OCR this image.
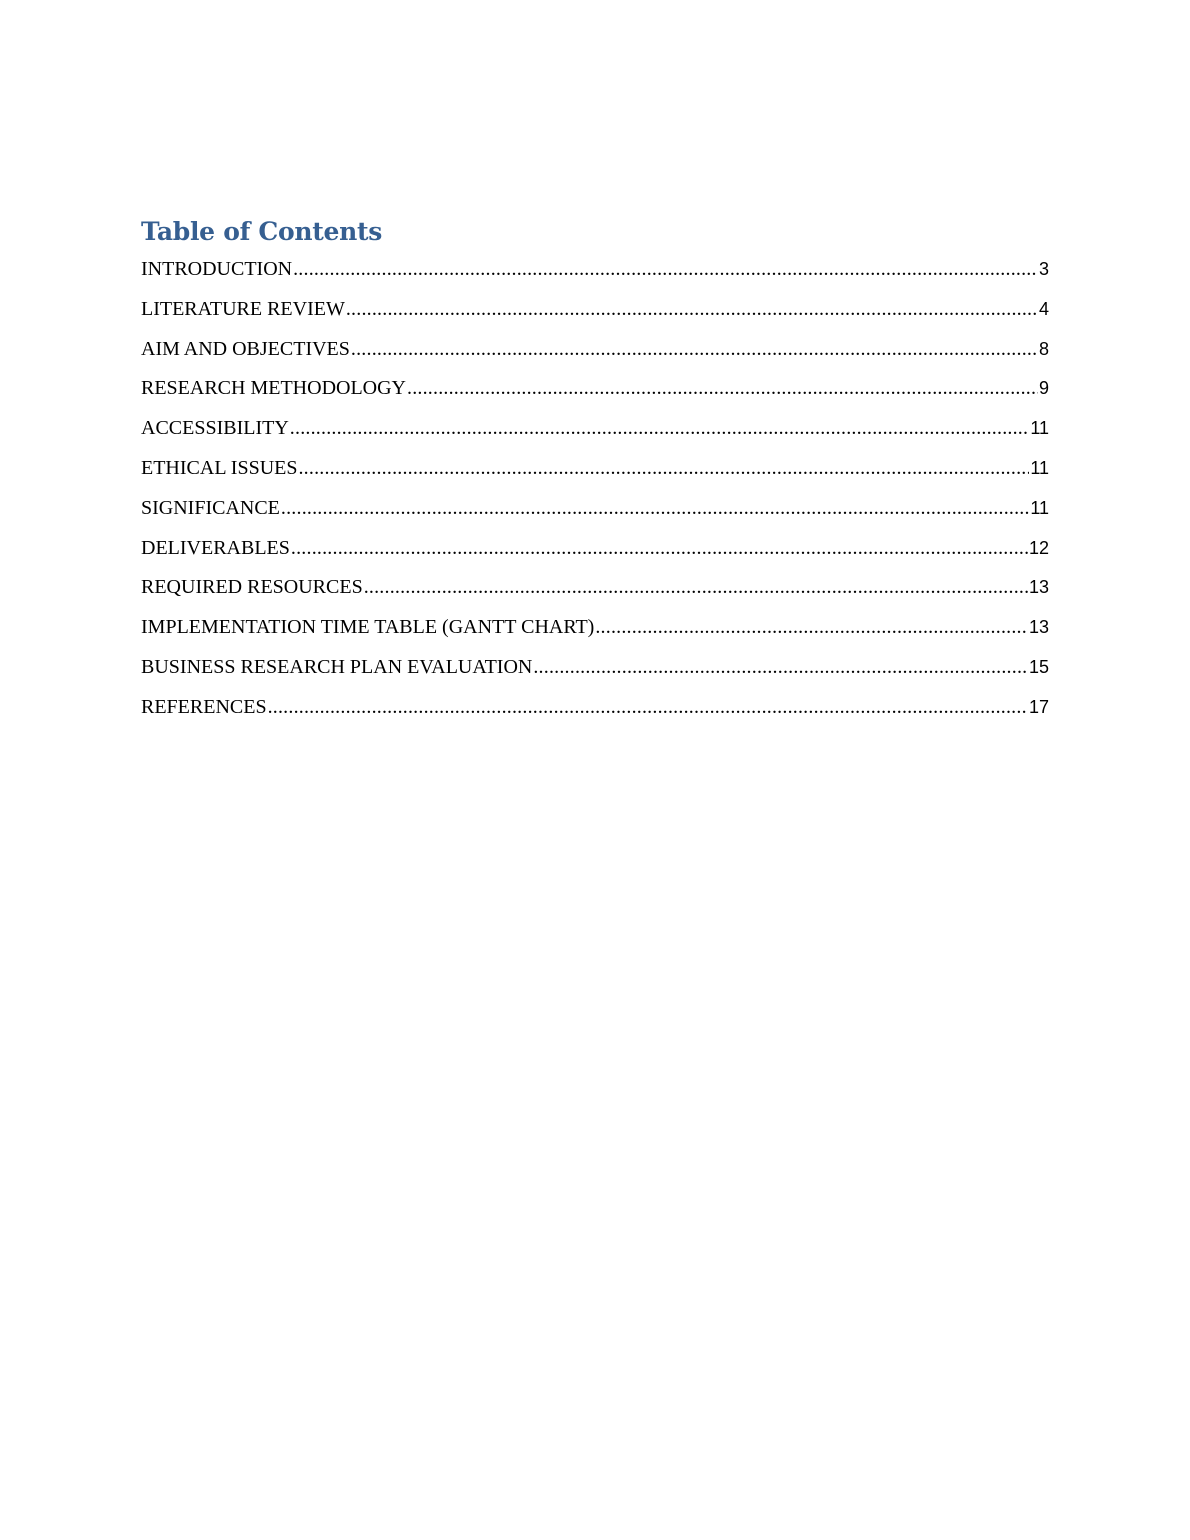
Table of Contents
INTRODUCTION .....	3
LITERATURE REVIEW .....	4
AIM AND OBJECTIVES .....	8
RESEARCH METHODOLOGY .....	9
ACCESSIBILITY .....	11
ETHICAL ISSUES .....	11
SIGNIFICANCE .....	11
DELIVERABLES .....	12
REQUIRED RESOURCES .....	13
IMPLEMENTATION TIME TABLE (GANTT CHART) .....	13
BUSINESS RESEARCH PLAN EVALUATION .....	15
REFERENCES .....	17
